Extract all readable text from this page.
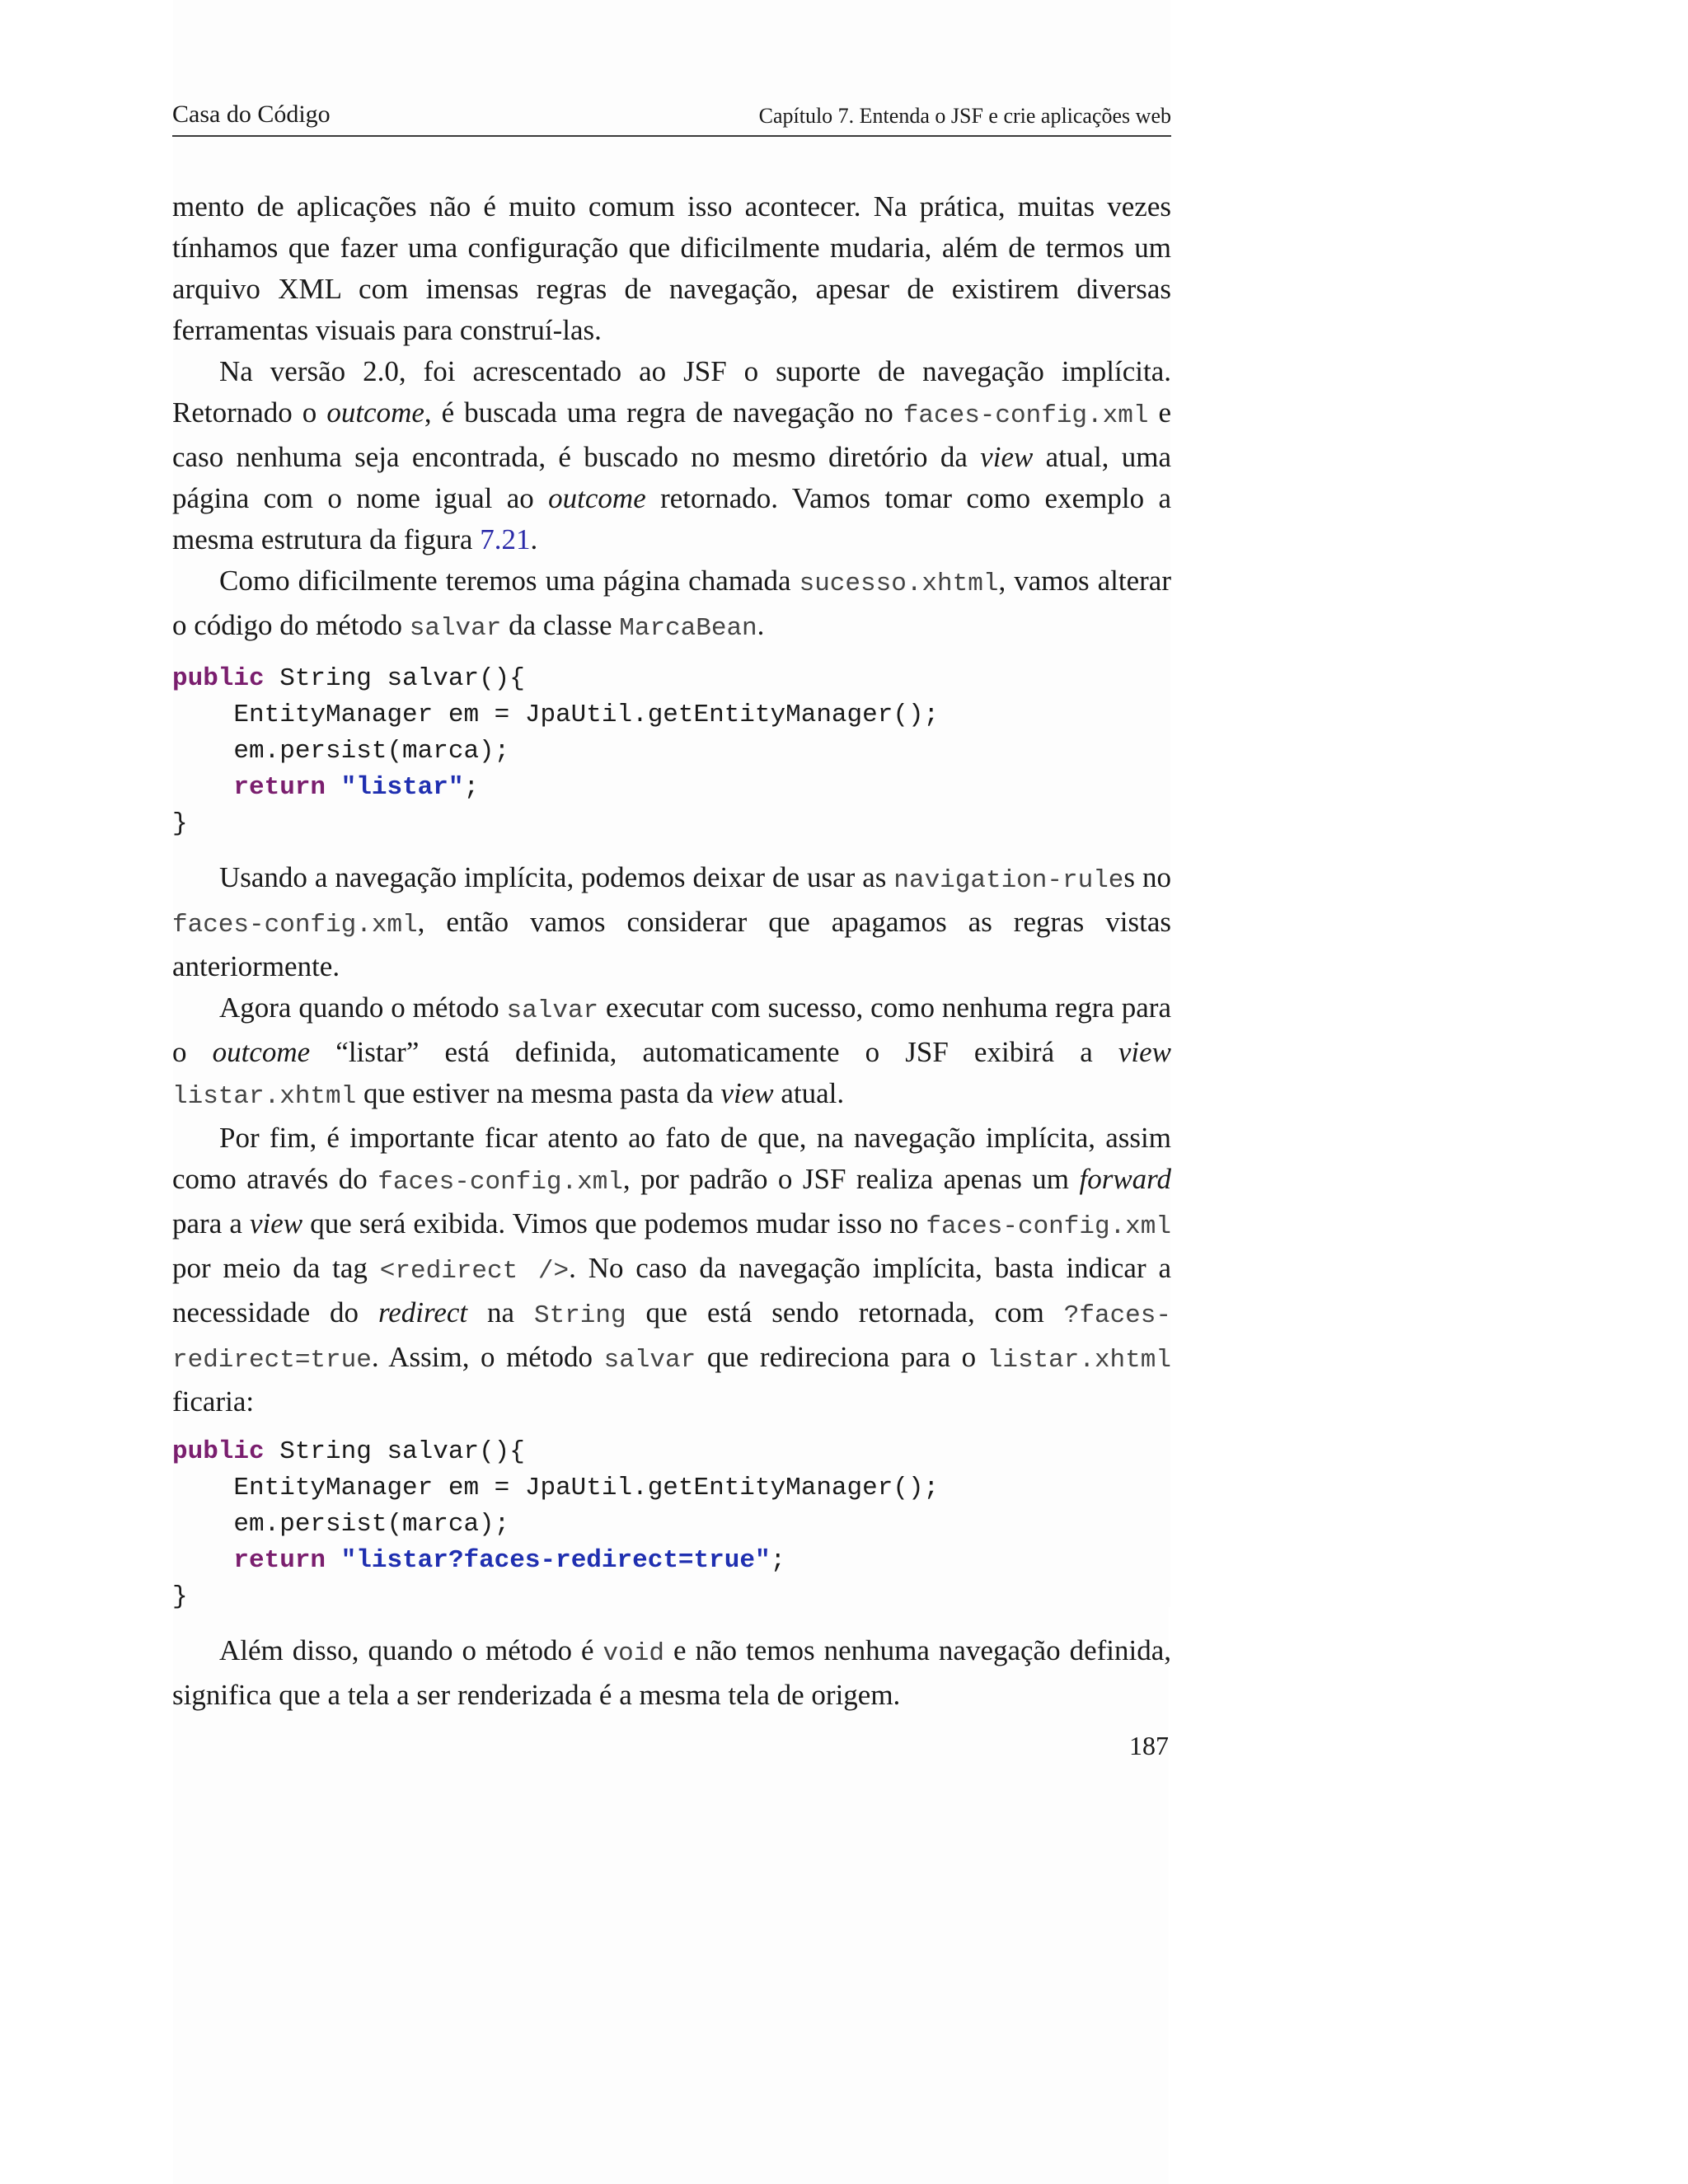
Casa do Código	Capítulo 7. Entenda o JSF e crie aplicações web

mento de aplicações não é muito comum isso acontecer. Na prática, muitas vezes tínhamos que fazer uma configuração que dificilmente mudaria, além de termos um arquivo XML com imensas regras de navegação, apesar de existirem diversas ferramentas visuais para construí-las.

Na versão 2.0, foi acrescentado ao JSF o suporte de navegação implícita. Retornado o outcome, é buscada uma regra de navegação no faces-config.xml e caso nenhuma seja encontrada, é buscado no mesmo diretório da view atual, uma página com o nome igual ao outcome retornado. Vamos tomar como exemplo a mesma estrutura da figura 7.21.

Como dificilmente teremos uma página chamada sucesso.xhtml, vamos alterar o código do método salvar da classe MarcaBean.

public String salvar(){
EntityManager em = JpaUtil.getEntityManager();
em.persist(marca);
return "listar";
}

Usando a navegação implícita, podemos deixar de usar as navigation-rules no faces-config.xml, então vamos considerar que apagamos as regras vistas anteriormente.

Agora quando o método salvar executar com sucesso, como nenhuma regra para o outcome “listar” está definida, automaticamente o JSF exibirá a view listar.xhtml que estiver na mesma pasta da view atual.

Por fim, é importante ficar atento ao fato de que, na navegação implícita, assim como através do faces-config.xml, por padrão o JSF realiza apenas um forward para a view que será exibida. Vimos que podemos mudar isso no faces-config.xml por meio da tag <redirect />. No caso da navegação implícita, basta indicar a necessidade do redirect na String que está sendo retornada, com ?faces-redirect=true. Assim, o método salvar que redireciona para o listar.xhtml ficaria:

public String salvar(){
EntityManager em = JpaUtil.getEntityManager();
em.persist(marca);
return "listar?faces-redirect=true";
}

Além disso, quando o método é void e não temos nenhuma navegação definida, significa que a tela a ser renderizada é a mesma tela de origem.

187
